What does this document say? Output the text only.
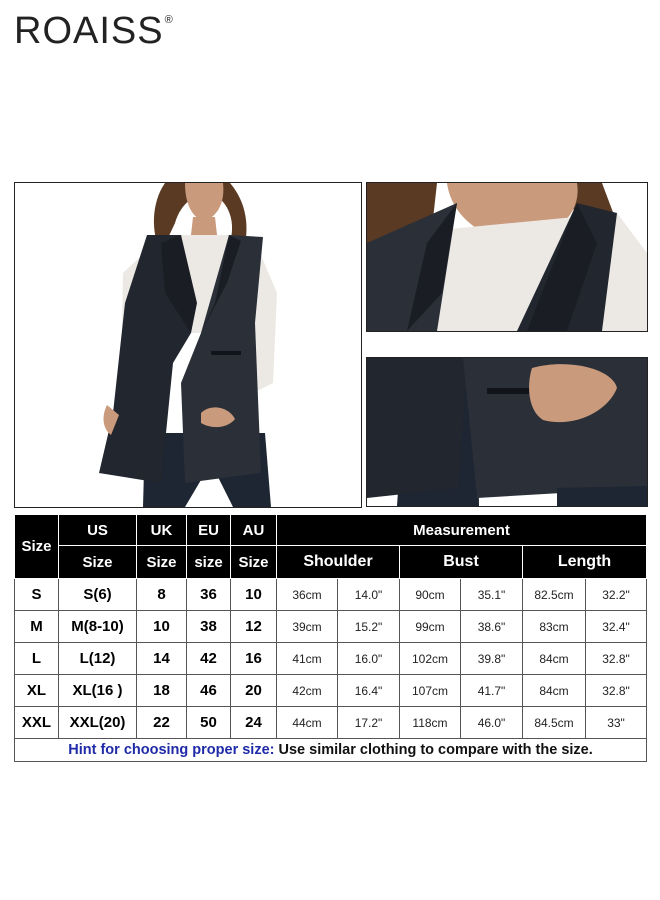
ROAISS®
Size	US	UK	EU	AU	Measurement					
	Size	Size	size	Size	Shoulder		Bust		Length	
S	S(6)	8	36	10	36cm	14.0"	90cm	35.1"	82.5cm	32.2"
M	M(8-10)	10	38	12	39cm	15.2"	99cm	38.6"	83cm	32.4"
L	L(12)	14	42	16	41cm	16.0"	102cm	39.8"	84cm	32.8"
XL	XL(16 )	18	46	20	42cm	16.4"	107cm	41.7"	84cm	32.8"
XXL	XXL(20)	22	50	24	44cm	17.2"	118cm	46.0"	84.5cm	33"
Hint for choosing proper size: Use similar clothing to compare with the size.										
